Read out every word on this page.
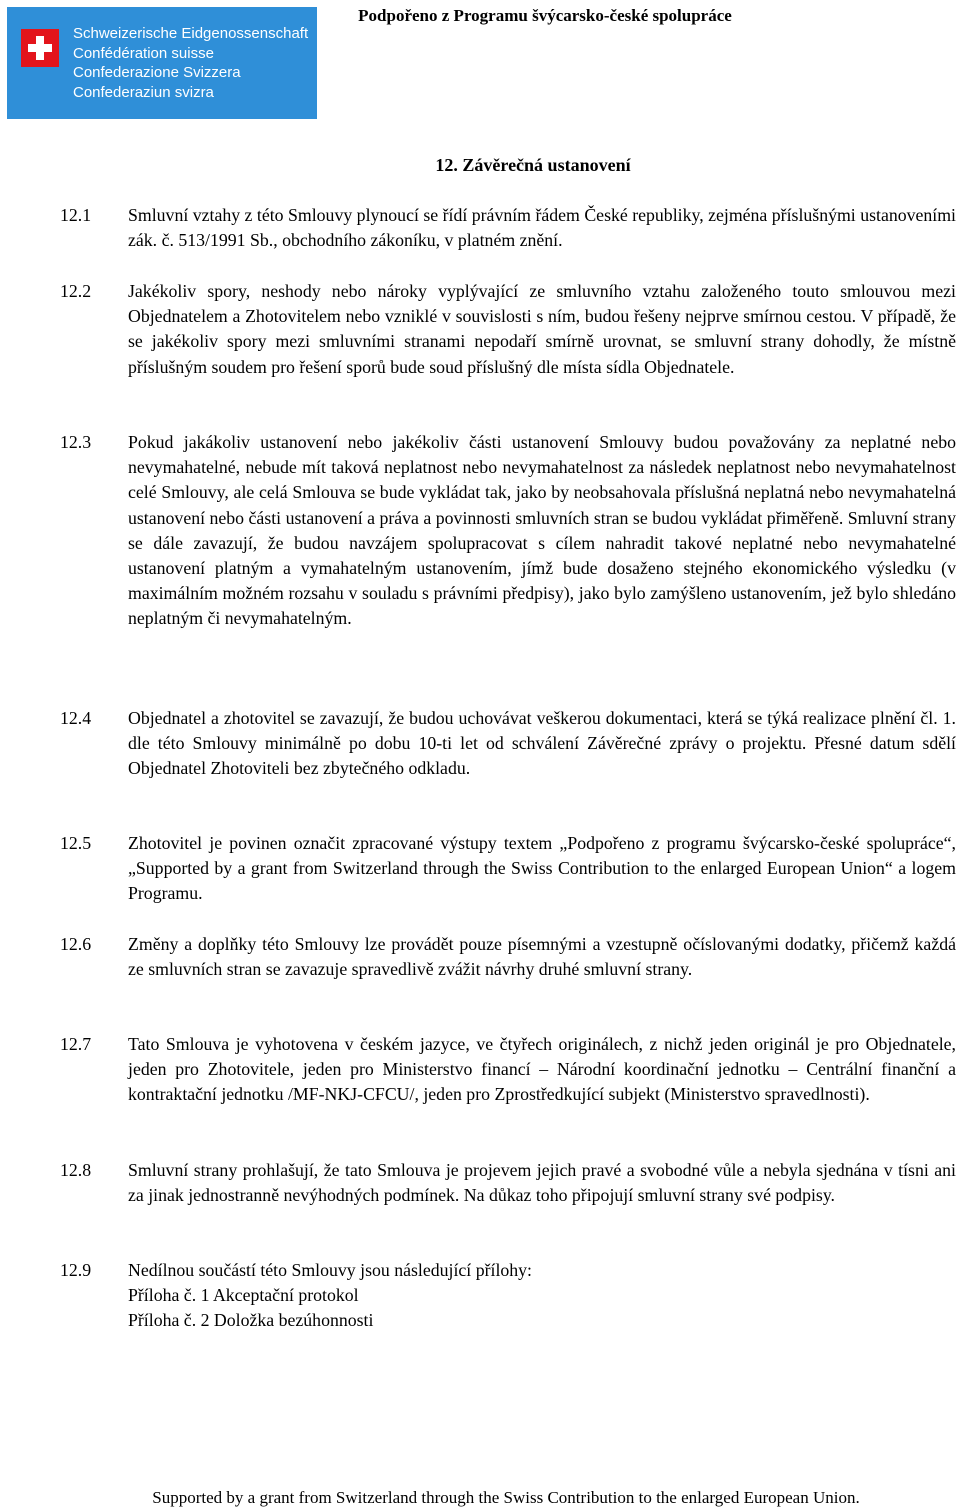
Schweizerische Eidgenossenschaft
Confédération suisse
Confederazione Svizzera
Confederaziun svizra
Podpořeno z Programu švýcarsko-české spolupráce
12. Závěrečná ustanovení
12.1	Smluvní vztahy z této Smlouvy plynoucí se řídí právním řádem České republiky, zejména příslušnými ustanoveními zák. č. 513/1991 Sb., obchodního zákoníku, v platném znění.
12.2	Jakékoliv spory, neshody nebo nároky vyplývající ze smluvního vztahu založeného touto smlouvou mezi Objednatelem a Zhotovitelem nebo vzniklé v souvislosti s ním, budou řešeny nejprve smírnou cestou. V případě, že se jakékoliv spory mezi smluvními stranami nepodaří smírně urovnat, se smluvní strany dohodly, že místně příslušným soudem pro řešení sporů bude soud příslušný dle místa sídla Objednatele.
12.3	Pokud jakákoliv ustanovení nebo jakékoliv části ustanovení Smlouvy budou považovány za neplatné nebo nevymahatelné, nebude mít taková neplatnost nebo nevymahatelnost za následek neplatnost nebo nevymahatelnost celé Smlouvy, ale celá Smlouva se bude vykládat tak, jako by neobsahovala příslušná neplatná nebo nevymahatelná ustanovení nebo části ustanovení a práva a povinnosti smluvních stran se budou vykládat přiměřeně. Smluvní strany se dále zavazují, že budou navzájem spolupracovat s cílem nahradit takové neplatné nebo nevymahatelné ustanovení platným a vymahatelným ustanovením, jímž bude dosaženo stejného ekonomického výsledku (v maximálním možném rozsahu v souladu s právními předpisy), jako bylo zamýšleno ustanovením, jež bylo shledáno neplatným či nevymahatelným.
12.4	Objednatel a zhotovitel se zavazují, že budou uchovávat veškerou dokumentaci, která se týká realizace plnění čl. 1. dle této Smlouvy minimálně po dobu 10-ti let od schválení Závěrečné zprávy o projektu. Přesné datum sdělí Objednatel Zhotoviteli bez zbytečného odkladu.
12.5	Zhotovitel je povinen označit zpracované výstupy textem „Podpořeno z programu švýcarsko-české spolupráce“, „Supported by a grant from Switzerland through the Swiss Contribution to the enlarged European Union“ a logem Programu.
12.6	Změny a doplňky této Smlouvy lze provádět pouze písemnými a vzestupně očíslovanými dodatky, přičemž každá ze smluvních stran se zavazuje spravedlivě zvážit návrhy druhé smluvní strany.
12.7	Tato Smlouva je vyhotovena v českém jazyce, ve čtyřech originálech, z nichž jeden originál je pro Objednatele, jeden pro Zhotovitele, jeden pro Ministerstvo financí – Národní koordinační jednotku – Centrální finanční a kontraktační jednotku /MF-NKJ-CFCU/, jeden pro Zprostředkující subjekt (Ministerstvo spravedlnosti).
12.8	Smluvní strany prohlašují, že tato Smlouva je projevem jejich pravé a svobodné vůle a nebyla sjednána v tísni ani za jinak jednostranně nevýhodných podmínek. Na důkaz toho připojují smluvní strany své podpisy.
12.9	Nedílnou součástí této Smlouvy jsou následující přílohy:
Příloha č. 1 Akceptační protokol
Příloha č. 2 Doložka bezúhonnosti
Supported by a grant from Switzerland through the Swiss Contribution to the enlarged European Union.
